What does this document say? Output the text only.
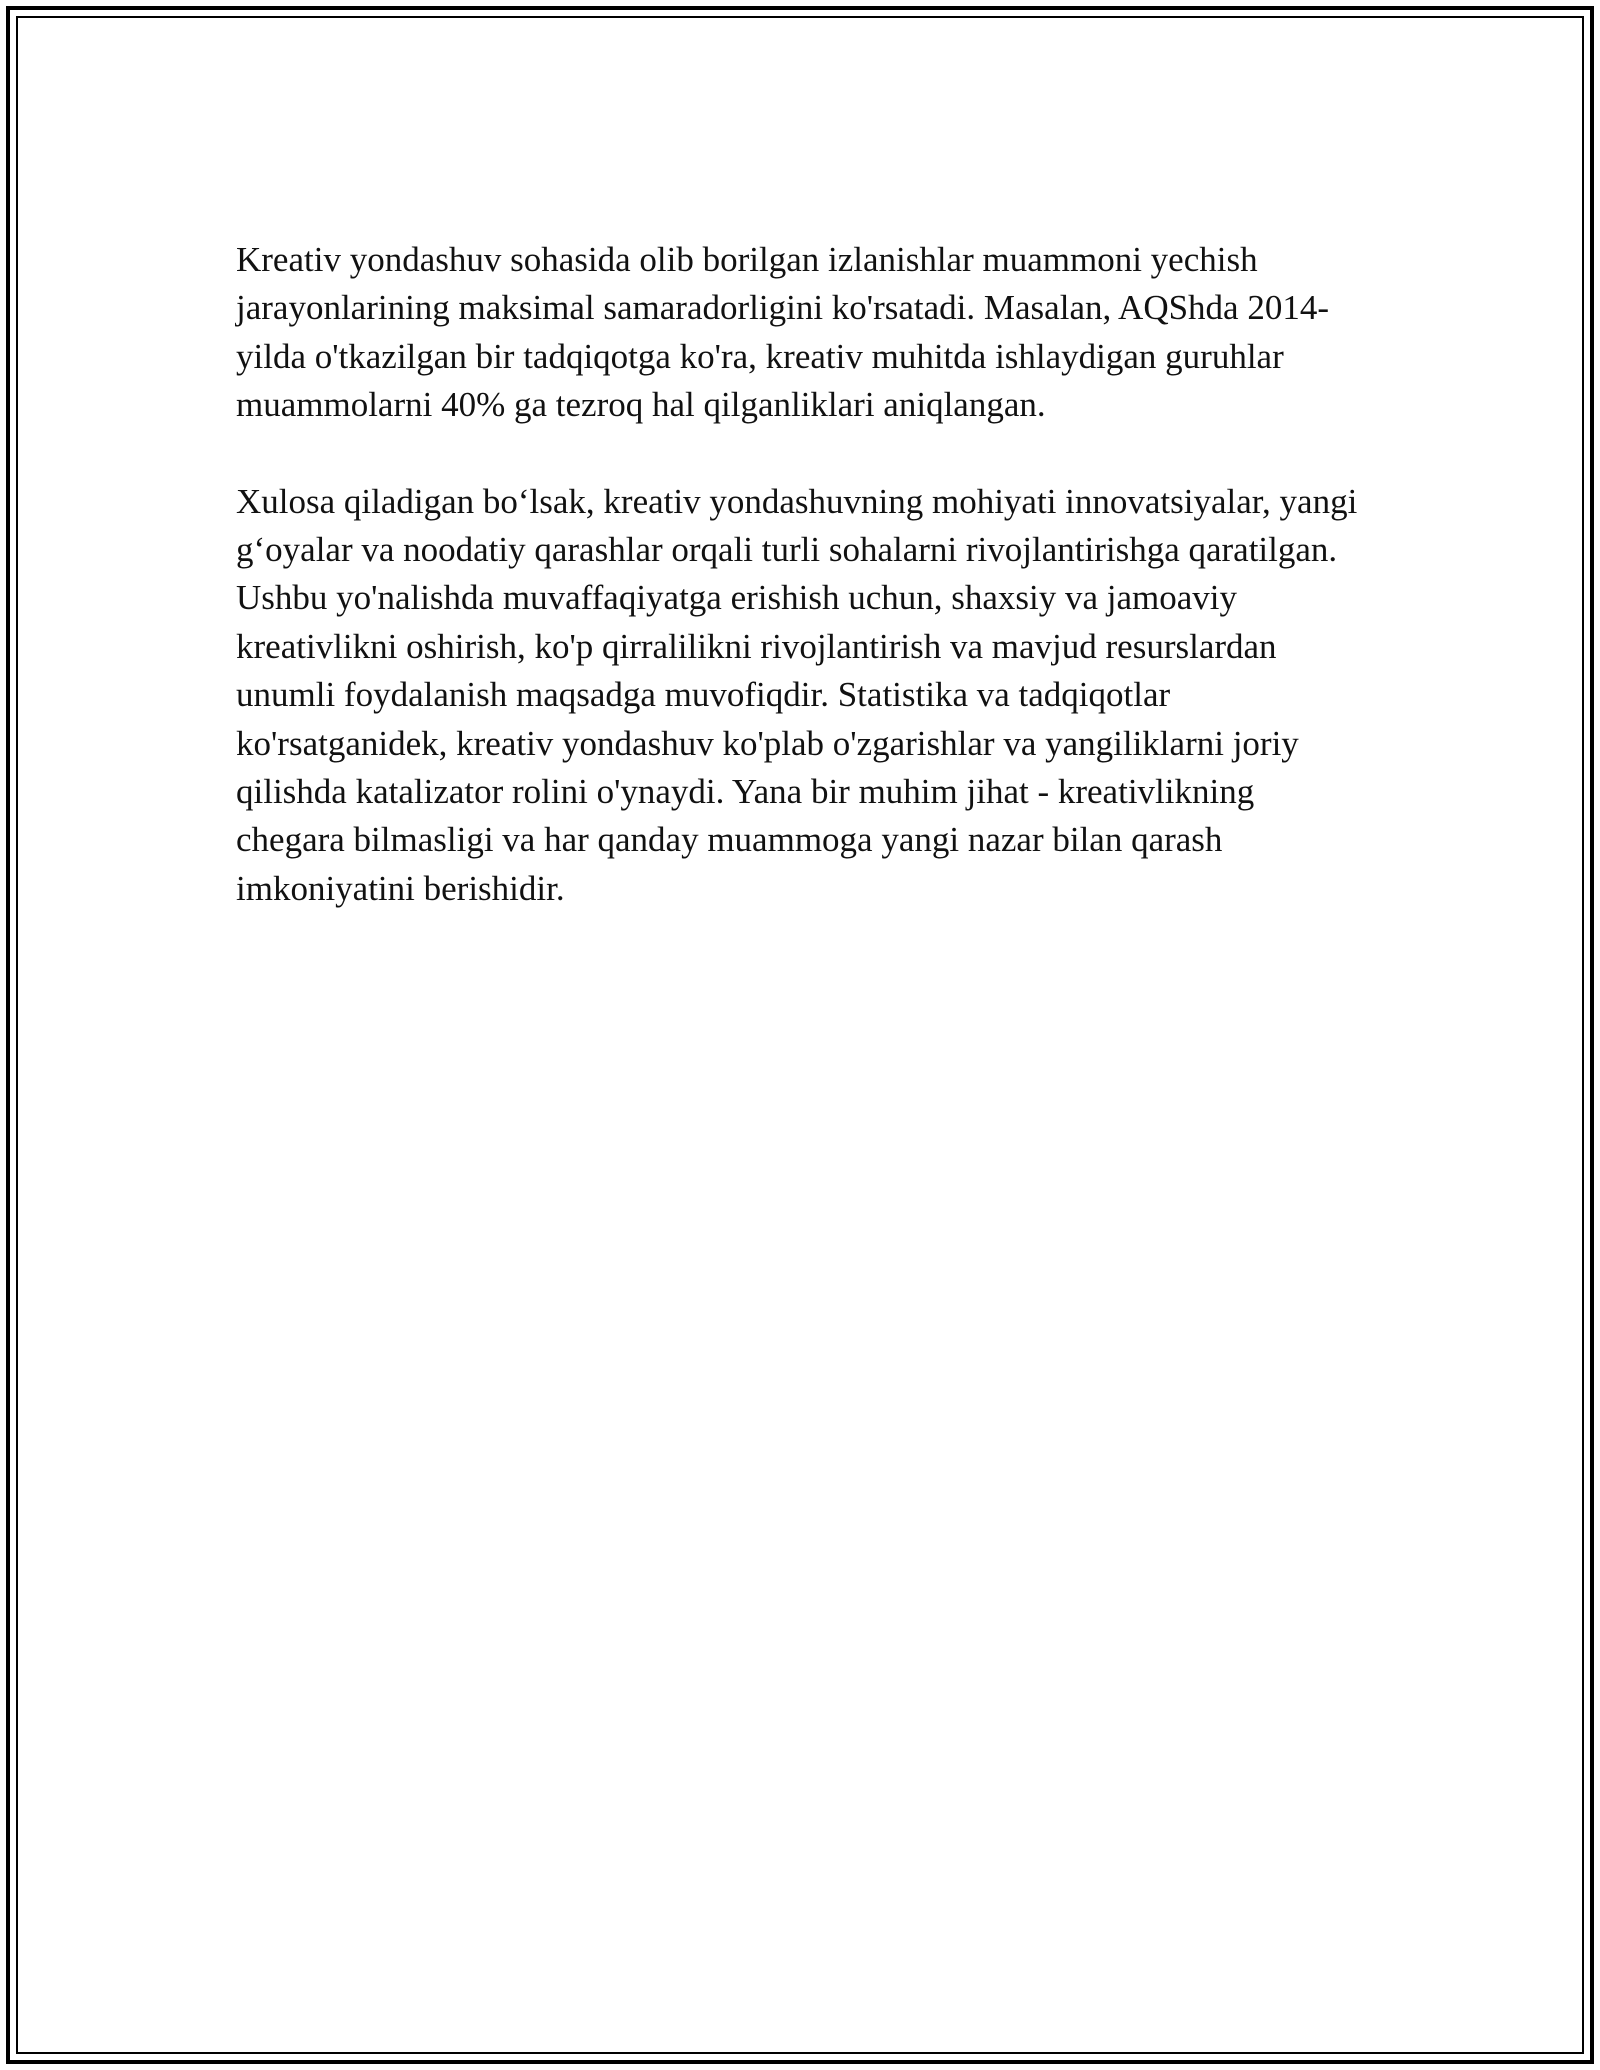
Kreativ yondashuv sohasida olib borilgan izlanishlar muammoni yechish jarayonlarining maksimal samaradorligini ko'rsatadi. Masalan, AQShda 2014-yilda o'tkazilgan bir tadqiqotga ko'ra, kreativ muhitda ishlaydigan guruhlar muammolarni 40% ga tezroq hal qilganliklari aniqlangan.

Xulosa qiladigan bo‘lsak, kreativ yondashuvning mohiyati innovatsiyalar, yangi g‘oyalar va noodatiy qarashlar orqali turli sohalarni rivojlantirishga qaratilgan. Ushbu yo'nalishda muvaffaqiyatga erishish uchun, shaxsiy va jamoaviy kreativlikni oshirish, ko'p qirralilikni rivojlantirish va mavjud resurslardan unumli foydalanish maqsadga muvofiqdir. Statistika va tadqiqotlar ko'rsatganidek, kreativ yondashuv ko'plab o'zgarishlar va yangiliklarni joriy qilishda katalizator rolini o'ynaydi. Yana bir muhim jihat - kreativlikning chegara bilmasligi va har qanday muammoga yangi nazar bilan qarash imkoniyatini berishidir.
